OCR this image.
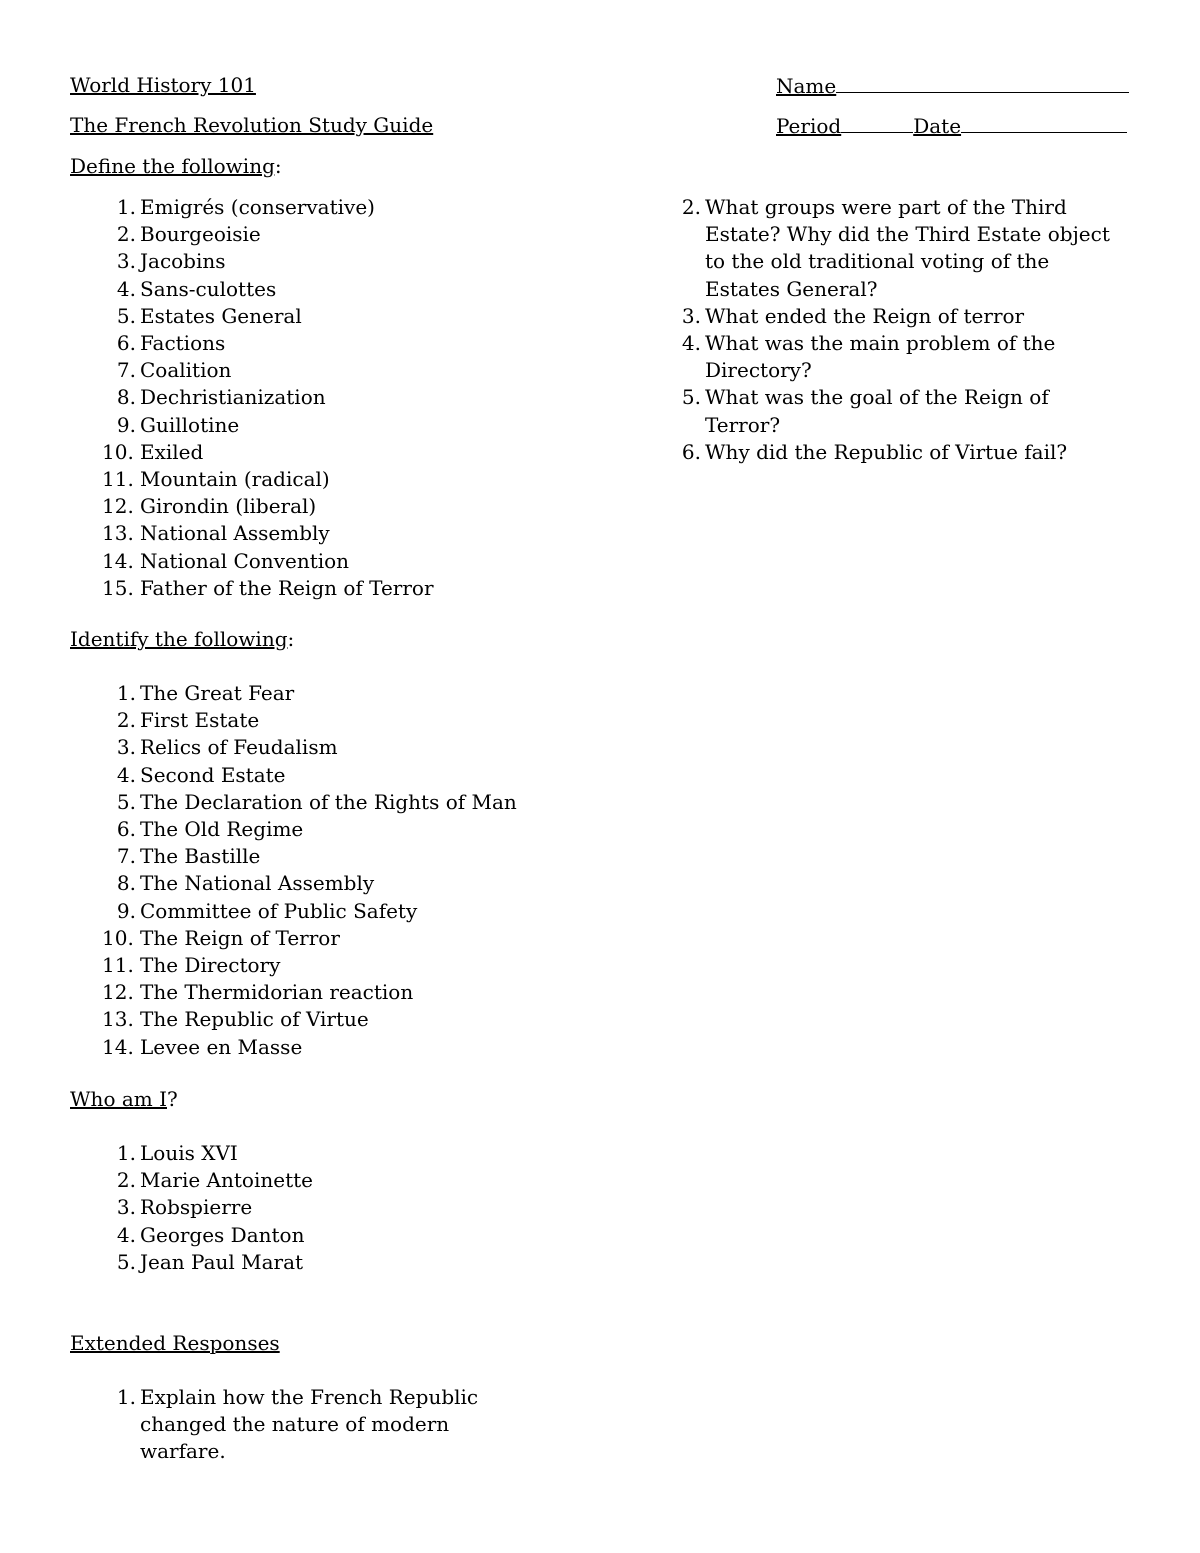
World History 101
The French Revolution Study Guide
Name
Period	Date
Define the following:
1. Emigrés (conservative)
2. Bourgeoisie
3. Jacobins
4. Sans-culottes
5. Estates General
6. Factions
7. Coalition
8. Dechristianization
9. Guillotine
10. Exiled
11. Mountain (radical)
12. Girondin (liberal)
13. National Assembly
14. National Convention
15. Father of the Reign of Terror
Identify the following:
1. The Great Fear
2. First Estate
3. Relics of Feudalism
4. Second Estate
5. The Declaration of the Rights of Man
6. The Old Regime
7. The Bastille
8. The National Assembly
9. Committee of Public Safety
10. The Reign of Terror
11. The Directory
12. The Thermidorian reaction
13. The Republic of Virtue
14. Levee en Masse
Who am I?
1. Louis XVI
2. Marie Antoinette
3. Robspierre
4. Georges Danton
5. Jean Paul Marat
Extended Responses
1. Explain how the French Republic changed the nature of modern warfare.
2. What groups were part of the Third Estate? Why did the Third Estate object to the old traditional voting of the Estates General?
3. What ended the Reign of terror
4. What was the main problem of the Directory?
5. What was the goal of the Reign of Terror?
6. Why did the Republic of Virtue fail?
